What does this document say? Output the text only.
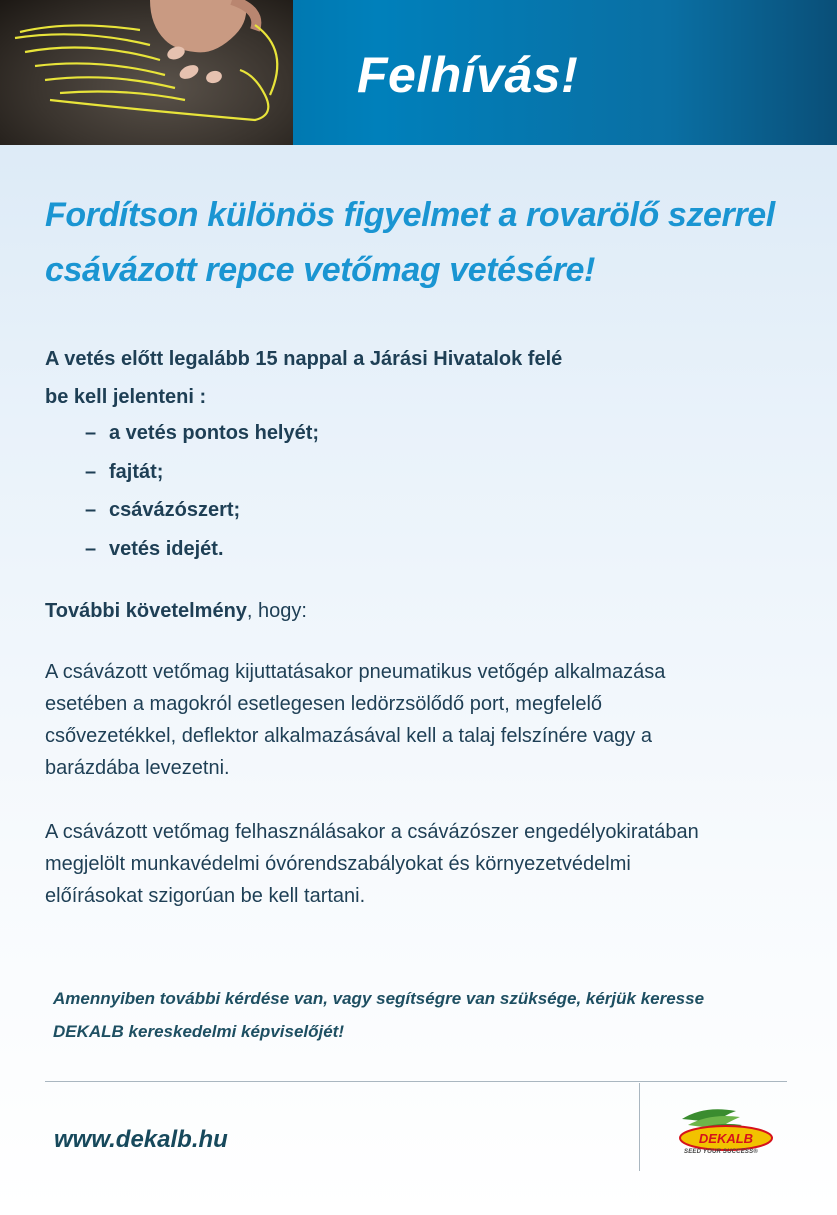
Felhívás!
Fordítson különös figyelmet a rovarölő szerrel
csávázott repce vetőmag vetésére!

A vetés előtt legalább 15 nappal a Járási Hivatalok felé
be kell jelenteni :

– a vetés pontos helyét;
– fajtát;
– csávázószert;
– vetés idejét.

További követelmény, hogy:

A csávázott vetőmag kijuttatásakor pneumatikus vetőgép alkalmazása
esetében a magokról esetlegesen ledörzsölődő port, megfelelő
csővezetékkel, deflektor alkalmazásával kell a talaj felszínére vagy a
barázdába levezetni.

A csávázott vetőmag felhasználásakor a csávázószer engedélyokiratában
megjelölt munkavédelmi óvórendszabályokat és környezetvédelmi
előírásokat szigorúan be kell tartani.

Amennyiben további kérdése van, vagy segítségre van szüksége, kérjük keresse
DEKALB kereskedelmi képviselőjét!

www.dekalb.hu	DEKALB
SEED YOUR SUCCESS®
